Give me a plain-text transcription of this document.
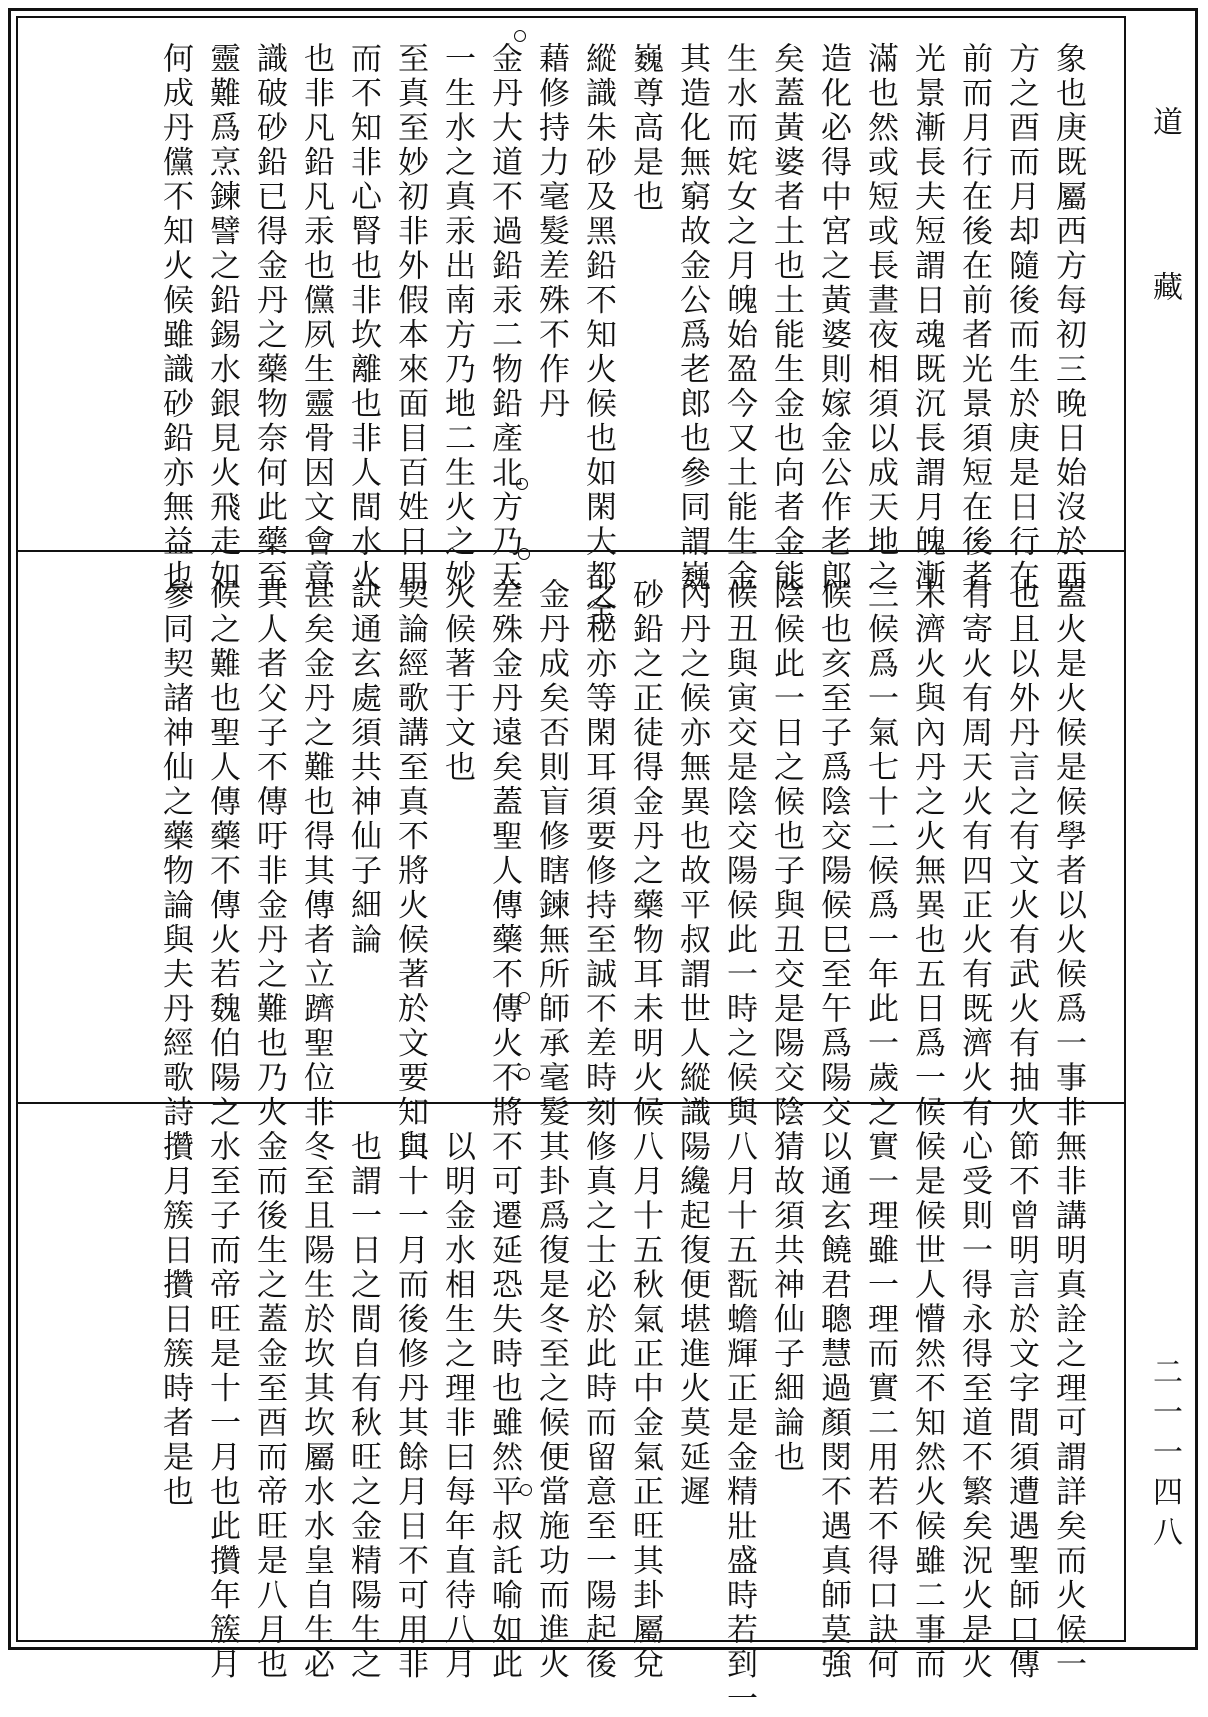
道
藏
二一一四八
象也庚既屬西方每初三晚日始沒於西
方之酉而月却隨後而生於庚是日行在
前而月行在後在前者光景須短在後者
光景漸長夫短謂日魂既沉長謂月魄漸
滿也然或短或長晝夜相須以成天地之
造化必得中宮之黃婆則嫁金公作老郎
矣蓋黃婆者土也土能生金也向者金能
生水而姹女之月魄始盈今又土能生金
其造化無窮故金公爲老郎也參同謂巍
巍尊高是也
縱識朱砂及黑鉛不知火候也如閑大都全
藉修持力毫髮差殊不作丹
金丹大道不過鉛汞二物鉛產北方乃天
一生水之真汞出南方乃地二生火之妙
至真至妙初非外假本來面目百姓日用
而不知非心腎也非坎離也非人間水火
也非凡鉛凡汞也儻夙生靈骨因文會意
識破砂鉛已得金丹之藥物奈何此藥至
靈難爲烹鍊譬之鉛錫水銀見火飛走如
何成丹儻不知火候雖識砂鉛亦無益也
蓋火是火候是候學者以火候爲一事非
也且以外丹言之有文火有武火有抽火
有寄火有周天火有四正火有既濟火有
未濟火與內丹之火無異也五日爲一候
三候爲一氣七十二候爲一年此一歲之
候也亥至子爲陰交陽候巳至午爲陽交
陰候此一日之候也子與丑交是陽交陰
候丑與寅交是陰交陽候此一時之候與
內丹之候亦無異也故平叔謂世人縱識
砂鉛之正徒得金丹之藥物耳未明火候
之秘亦等閑耳須要修持至誠不差時刻
金丹成矣否則盲修瞎鍊無所師承毫髮
差殊金丹遠矣蓋聖人傳藥不傳火不將
火候著于文也
契論經歌講至真不將火候著於文要知口
訣通玄處須共神仙子細論
甚矣金丹之難也得其傳者立躋聖位非
其人者父子不傳吁非金丹之難也乃火
候之難也聖人傳藥不傳火若魏伯陽之
參同契諸神仙之藥物論與夫丹經歌詩
無非講明真詮之理可謂詳矣而火候一
節不曾明言於文字間須遭遇聖師口傳
心受則一得永得至道不繁矣況火是火
候是候世人懵然不知然火候雖二事而
實一理雖一理而實二用若不得口訣何
以通玄饒君聰慧過顏閔不遇真師莫強
猜故須共神仙子細論也
八月十五翫蟾輝正是金精壯盛時若到一
陽纔起復便堪進火莫延遲
八月十五秋氣正中金氣正旺其卦屬兌
修真之士必於此時而留意至一陽起後
其卦爲復是冬至之候便當施功而進火
不可遷延恐失時也雖然平叔託喻如此
以明金水相生之理非曰每年直待八月
與十一月而後修丹其餘月日不可用非
也謂一日之間自有秋旺之金精陽生之
冬至且陽生於坎其坎屬水水皇自生必
金而後生之蓋金至酉而帝旺是八月也
水至子而帝旺是十一月也此攢年簇月
攢月簇日攢日簇時者是也
